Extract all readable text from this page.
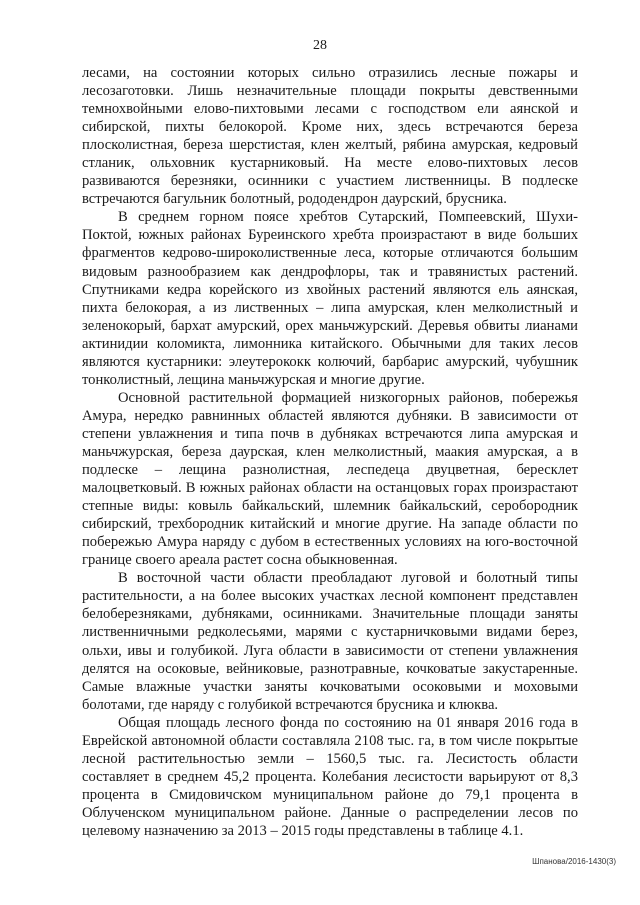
28

лесами, на состоянии которых сильно отразились лесные пожары и лесозаготовки. Лишь незначительные площади покрыты девственными темнохвойными елово-пихтовыми лесами с господством ели аянской и сибирской, пихты белокорой. Кроме них, здесь встречаются береза плосколистная, береза шерстистая, клен желтый, рябина амурская, кедровый стланик, ольховник кустарниковый. На месте елово-пихтовых лесов развиваются березняки, осинники с участием лиственницы. В подлеске встречаются багульник болотный, рододендрон даурский, брусника.

В среднем горном поясе хребтов Сутарский, Помпеевский, Шухи-Поктой, южных районах Буреинского хребта произрастают в виде больших фрагментов кедрово-широколиственные леса, которые отличаются большим видовым разнообразием как дендрофлоры, так и травянистых растений. Спутниками кедра корейского из хвойных растений являются ель аянская, пихта белокорая, а из лиственных – липа амурская, клен мелколистный и зеленокорый, бархат амурский, орех маньчжурский. Деревья обвиты лианами актинидии коломикта, лимонника китайского. Обычными для таких лесов являются кустарники: элеутерококк колючий, барбарис амурский, чубушник тонколистный, лещина маньчжурская и многие другие.

Основной растительной формацией низкогорных районов, побережья Амура, нередко равнинных областей являются дубняки. В зависимости от степени увлажнения и типа почв в дубняках встречаются липа амурская и маньчжурская, береза даурская, клен мелколистный, маакия амурская, а в подлеске – лещина разнолистная, леспедеца двуцветная, бересклет малоцветковый. В южных районах области на останцовых горах произрастают степные виды: ковыль байкальский, шлемник байкальский, серобородник сибирский, трехбородник китайский и многие другие. На западе области по побережью Амура наряду с дубом в естественных условиях на юго-восточной границе своего ареала растет сосна обыкновенная.

В восточной части области преобладают луговой и болотный типы растительности, а на более высоких участках лесной компонент представлен белоберезняками, дубняками, осинниками. Значительные площади заняты лиственничными редколесьями, марями с кустарничковыми видами берез, ольхи, ивы и голубикой. Луга области в зависимости от степени увлажнения делятся на осоковые, вейниковые, разнотравные, кочковатые закустаренные. Самые влажные участки заняты кочковатыми осоковыми и моховыми болотами, где наряду с голубикой встречаются брусника и клюква.

Общая площадь лесного фонда по состоянию на 01 января 2016 года в Еврейской автономной области составляла 2108 тыс. га, в том числе покрытые лесной растительностью земли – 1560,5 тыс. га. Лесистость области составляет в среднем 45,2 процента. Колебания лесистости варьируют от 8,3 процента в Смидовичском муниципальном районе до 79,1 процента в Облученском муниципальном районе. Данные о распределении лесов по целевому назначению за 2013 – 2015 годы представлены в таблице 4.1.

Шпанова/2016-1430(3)
